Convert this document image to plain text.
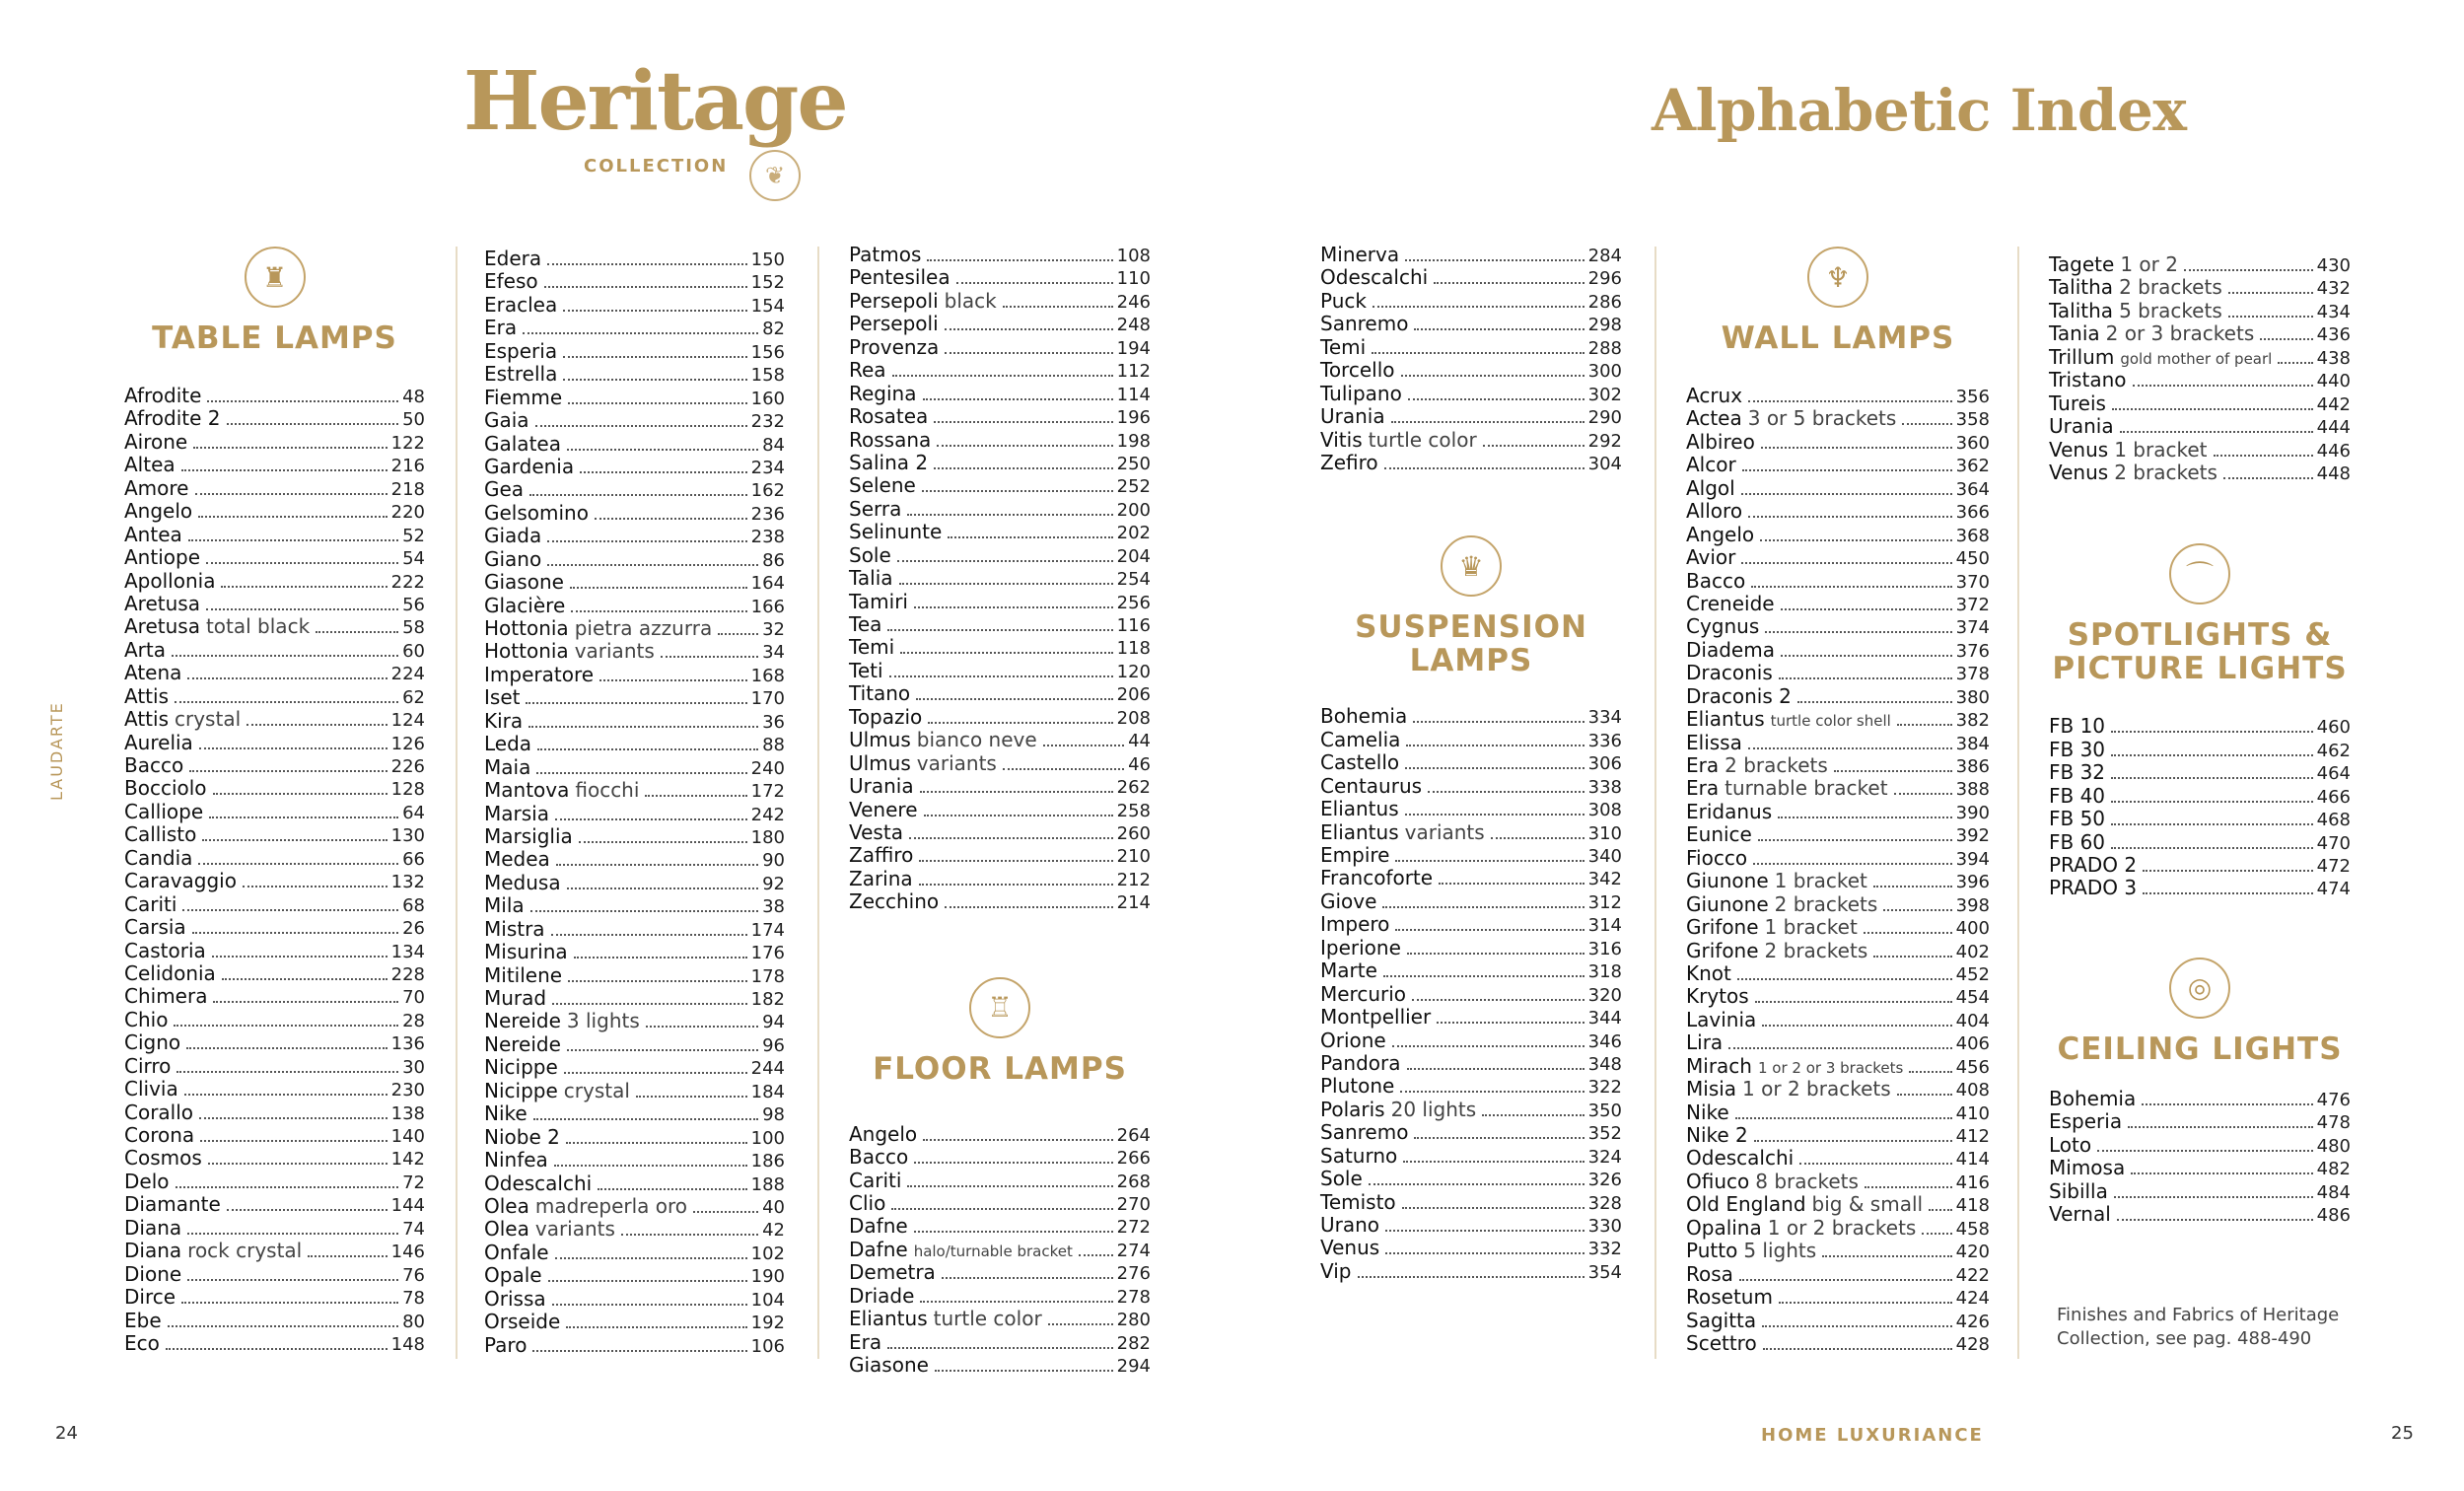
Heritage
COLLECTION	❦
Alphabetic Index
LAUDARTE
♜
TABLE LAMPS
Afrodite	48
Afrodite 2	50
Airone	122
Altea	216
Amore	218
Angelo	220
Antea	52
Antiope	54
Apollonia	222
Aretusa	56
Aretusa total black	58
Arta	60
Atena	224
Attis	62
Attis crystal	124
Aurelia	126
Bacco	226
Bocciolo	128
Calliope	64
Callisto	130
Candia	66
Caravaggio	132
Cariti	68
Carsia	26
Castoria	134
Celidonia	228
Chimera	70
Chio	28
Cigno	136
Cirro	30
Clivia	230
Corallo	138
Corona	140
Cosmos	142
Delo	72
Diamante	144
Diana	74
Diana rock crystal	146
Dione	76
Dirce	78
Ebe	80
Eco	148
Edera	150
Efeso	152
Eraclea	154
Era	82
Esperia	156
Estrella	158
Fiemme	160
Gaia	232
Galatea	84
Gardenia	234
Gea	162
Gelsomino	236
Giada	238
Giano	86
Giasone	164
Glacière	166
Hottonia pietra azzurra	32
Hottonia variants	34
Imperatore	168
Iset	170
Kira	36
Leda	88
Maia	240
Mantova fiocchi	172
Marsia	242
Marsiglia	180
Medea	90
Medusa	92
Mila	38
Mistra	174
Misurina	176
Mitilene	178
Murad	182
Nereide 3 lights	94
Nereide	96
Nicippe	244
Nicippe crystal	184
Nike	98
Niobe 2	100
Ninfea	186
Odescalchi	188
Olea madreperla oro	40
Olea variants	42
Onfale	102
Opale	190
Orissa	104
Orseide	192
Paro	106
Patmos	108
Pentesilea	110
Persepoli black	246
Persepoli	248
Provenza	194
Rea	112
Regina	114
Rosatea	196
Rossana	198
Salina 2	250
Selene	252
Serra	200
Selinunte	202
Sole	204
Talia	254
Tamiri	256
Tea	116
Temi	118
Teti	120
Titano	206
Topazio	208
Ulmus bianco neve	44
Ulmus variants	46
Urania	262
Venere	258
Vesta	260
Zaffiro	210
Zarina	212
Zecchino	214
♖
FLOOR LAMPS
Angelo	264
Bacco	266
Cariti	268
Clio	270
Dafne	272
Dafne halo/turnable bracket 274
Demetra	276
Driade	278
Eliantus turtle color	280
Era	282
Giasone	294
Minerva	284
Odescalchi	296
Puck	286
Sanremo	298
Temi	288
Torcello	300
Tulipano	302
Urania	290
Vitis turtle color	292
Zefiro	304
♛
SUSPENSION LAMPS
Bohemia	334
Camelia	336
Castello	306
Centaurus	338
Eliantus	308
Eliantus variants	310
Empire	340
Francoforte	342
Giove	312
Impero	314
Iperione	316
Marte	318
Mercurio	320
Montpellier	344
Orione	346
Pandora	348
Plutone	322
Polaris 20 lights	350
Sanremo	352
Saturno	324
Sole	326
Temisto	328
Urano	330
Venus	332
Vip	354
♆
WALL LAMPS
Acrux	356
Actea 3 or 5 brackets	358
Albireo	360
Alcor	362
Algol	364
Alloro	366
Angelo	368
Avior	450
Bacco	370
Creneide	372
Cygnus	374
Diadema	376
Draconis	378
Draconis 2	380
Eliantus turtle color shell	382
Elissa	384
Era 2 brackets	386
Era turnable bracket	388
Eridanus	390
Eunice	392
Fiocco	394
Giunone 1 bracket	396
Giunone 2 brackets	398
Grifone 1 bracket	400
Grifone 2 brackets	402
Knot	452
Krytos	454
Lavinia	404
Lira	406
Mirach 1 or 2 or 3 brackets	456
Misia 1 or 2 brackets	408
Nike	410
Nike 2	412
Odescalchi	414
Ofiuco 8 brackets	416
Old England big & small 418
Opalina 1 or 2 brackets 458
Putto 5 lights	420
Rosa	422
Rosetum	424
Sagitta	426
Scettro	428
Tagete 1 or 2	430
Talitha 2 brackets	432
Talitha 5 brackets	434
Tania 2 or 3 brackets	436
Trillum gold mother of pearl	438
Tristano	440
Tureis	442
Urania	444
Venus 1 bracket	446
Venus 2 brackets	448
⌒
SPOTLIGHTS & PICTURE LIGHTS
FB 10	460
FB 30	462
FB 32	464
FB 40	466
FB 50	468
FB 60	470
PRADO 2	472
PRADO 3	474
◎
CEILING LIGHTS
Bohemia	476
Esperia	478
Loto	480
Mimosa	482
Sibilla	484
Vernal	486
Finishes and Fabrics of Heritage Collection, see pag. 488-490
24	HOME LUXURIANCE	25
